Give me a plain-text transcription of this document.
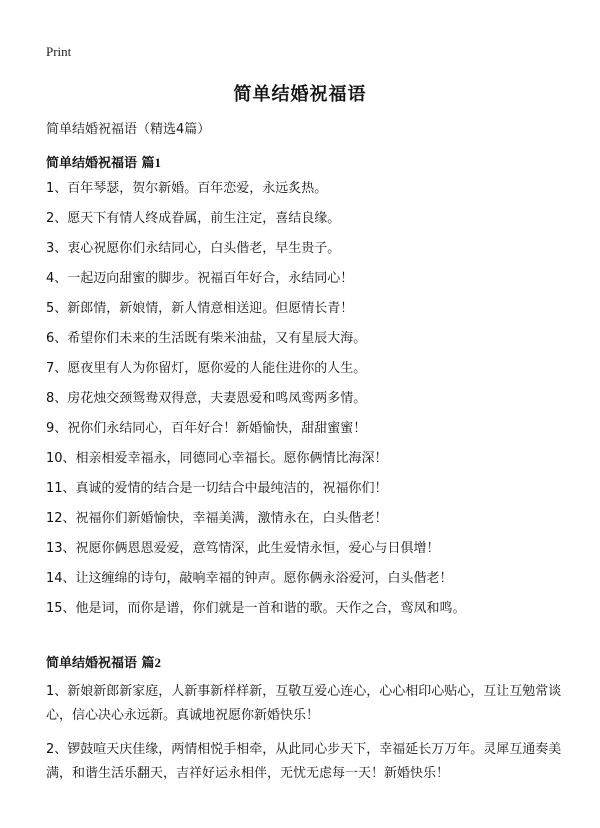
Print
简单结婚祝福语
简单结婚祝福语（精选4篇）
简单结婚祝福语 篇1
1、百年琴瑟，贺尔新婚。百年恋爱，永远炙热。
2、愿天下有情人终成眷属，前生注定，喜结良缘。
3、衷心祝愿你们永结同心，白头偕老，早生贵子。
4、一起迈向甜蜜的脚步。祝福百年好合，永结同心！
5、新郎情，新娘情，新人情意相送迎。但愿情长青！
6、希望你们未来的生活既有柴米油盐，又有星辰大海。
7、愿夜里有人为你留灯，愿你爱的人能住进你的人生。
8、房花烛交颈鸳鸯双得意，夫妻恩爱和鸣凤鸾两多情。
9、祝你们永结同心，百年好合！新婚愉快，甜甜蜜蜜！
10、相亲相爱幸福永，同德同心幸福长。愿你俩情比海深！
11、真诚的爱情的结合是一切结合中最纯洁的，祝福你们！
12、祝福你们新婚愉快，幸福美满，激情永在，白头偕老！
13、祝愿你俩恩恩爱爱，意笃情深，此生爱情永恒，爱心与日俱增！
14、让这缠绵的诗句，敲响幸福的钟声。愿你俩永浴爱河，白头偕老！
15、他是词，而你是谱，你们就是一首和谐的歌。天作之合，鸾凤和鸣。
简单结婚祝福语 篇2
1、新娘新郎新家庭，人新事新样样新，互敬互爱心连心，心心相印心贴心，互让互勉常谈心，信心决心永远新。真诚地祝愿你新婚快乐！
2、锣鼓喧天庆佳缘，两情相悦手相牵，从此同心步天下，幸福延长万万年。灵犀互通奏美满，和谐生活乐翻天，吉祥好运永相伴，无忧无虑每一天！新婚快乐！
